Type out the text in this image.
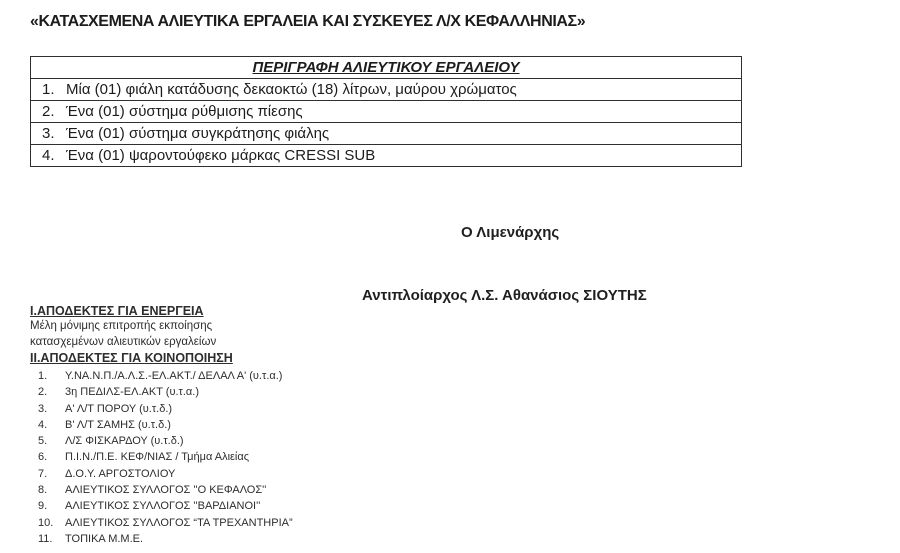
«ΚΑΤΑΣΧΕΜΕΝΑ ΑΛΙΕΥΤΙΚΑ ΕΡΓΑΛΕΙΑ ΚΑΙ ΣΥΣΚΕΥΕΣ Λ/Χ ΚΕΦΑΛΛΗΝΙΑΣ»
ΠΕΡΙΓΡΑΦΗ ΑΛΙΕΥΤΙΚΟΥ ΕΡΓΑΛΕΙΟΥ

1. Μία (01) φιάλη κατάδυσης δεκαοκτώ (18) λίτρων, μαύρου χρώματος

2. Ένα (01) σύστημα ρύθμισης πίεσης

3. Ένα (01) σύστημα συγκράτησης φιάλης

4. Ένα (01) ψαροντούφεκο μάρκας CRESSI SUB
Ο Λιμενάρχης
Αντιπλοίαρχος Λ.Σ. Αθανάσιος ΣΙΟΥΤΗΣ
Ι.ΑΠΟΔΕΚΤΕΣ ΓΙΑ ΕΝΕΡΓΕΙΑ
Μέλη μόνιμης επιτροπής εκποίησης
κατασχεμένων αλιευτικών εργαλείων
ΙΙ.ΑΠΟΔΕΚΤΕΣ ΓΙΑ ΚΟΙΝΟΠΟΙΗΣΗ
1.	Υ.ΝΑ.Ν.Π./Α.Λ.Σ.-ΕΛ.ΑΚΤ./ ΔΕΛΑΛ Α' (υ.τ.α.)
2.	3η ΠΕΔΙΛΣ-ΕΛ.ΑΚΤ (υ.τ.α.)
3.	Α' Λ/Τ ΠΟΡΟΥ (υ.τ.δ.)
4.	Β' Λ/Τ ΣΑΜΗΣ (υ.τ.δ.)
5.	Λ/Σ ΦΙΣΚΑΡΔΟΥ (υ.τ.δ.)
6.	Π.Ι.Ν./Π.Ε. ΚΕΦ/ΝΙΑΣ / Τμήμα Αλιείας
7.	Δ.Ο.Υ. ΑΡΓΟΣΤΟΛΙΟΥ
8.	ΑΛΙΕΥΤΙΚΟΣ ΣΥΛΛΟΓΟΣ ''Ο ΚΕΦΑΛΟΣ''
9.	ΑΛΙΕΥΤΙΚΟΣ ΣΥΛΛΟΓΟΣ ''ΒΑΡΔΙΑΝΟΙ''
10.	ΑΛΙΕΥΤΙΚΟΣ ΣΥΛΛΟΓΟΣ “ΤΑ ΤΡΕΧΑΝΤΗΡΙΑ”
11.	ΤΟΠΙΚΑ Μ.Μ.Ε.
